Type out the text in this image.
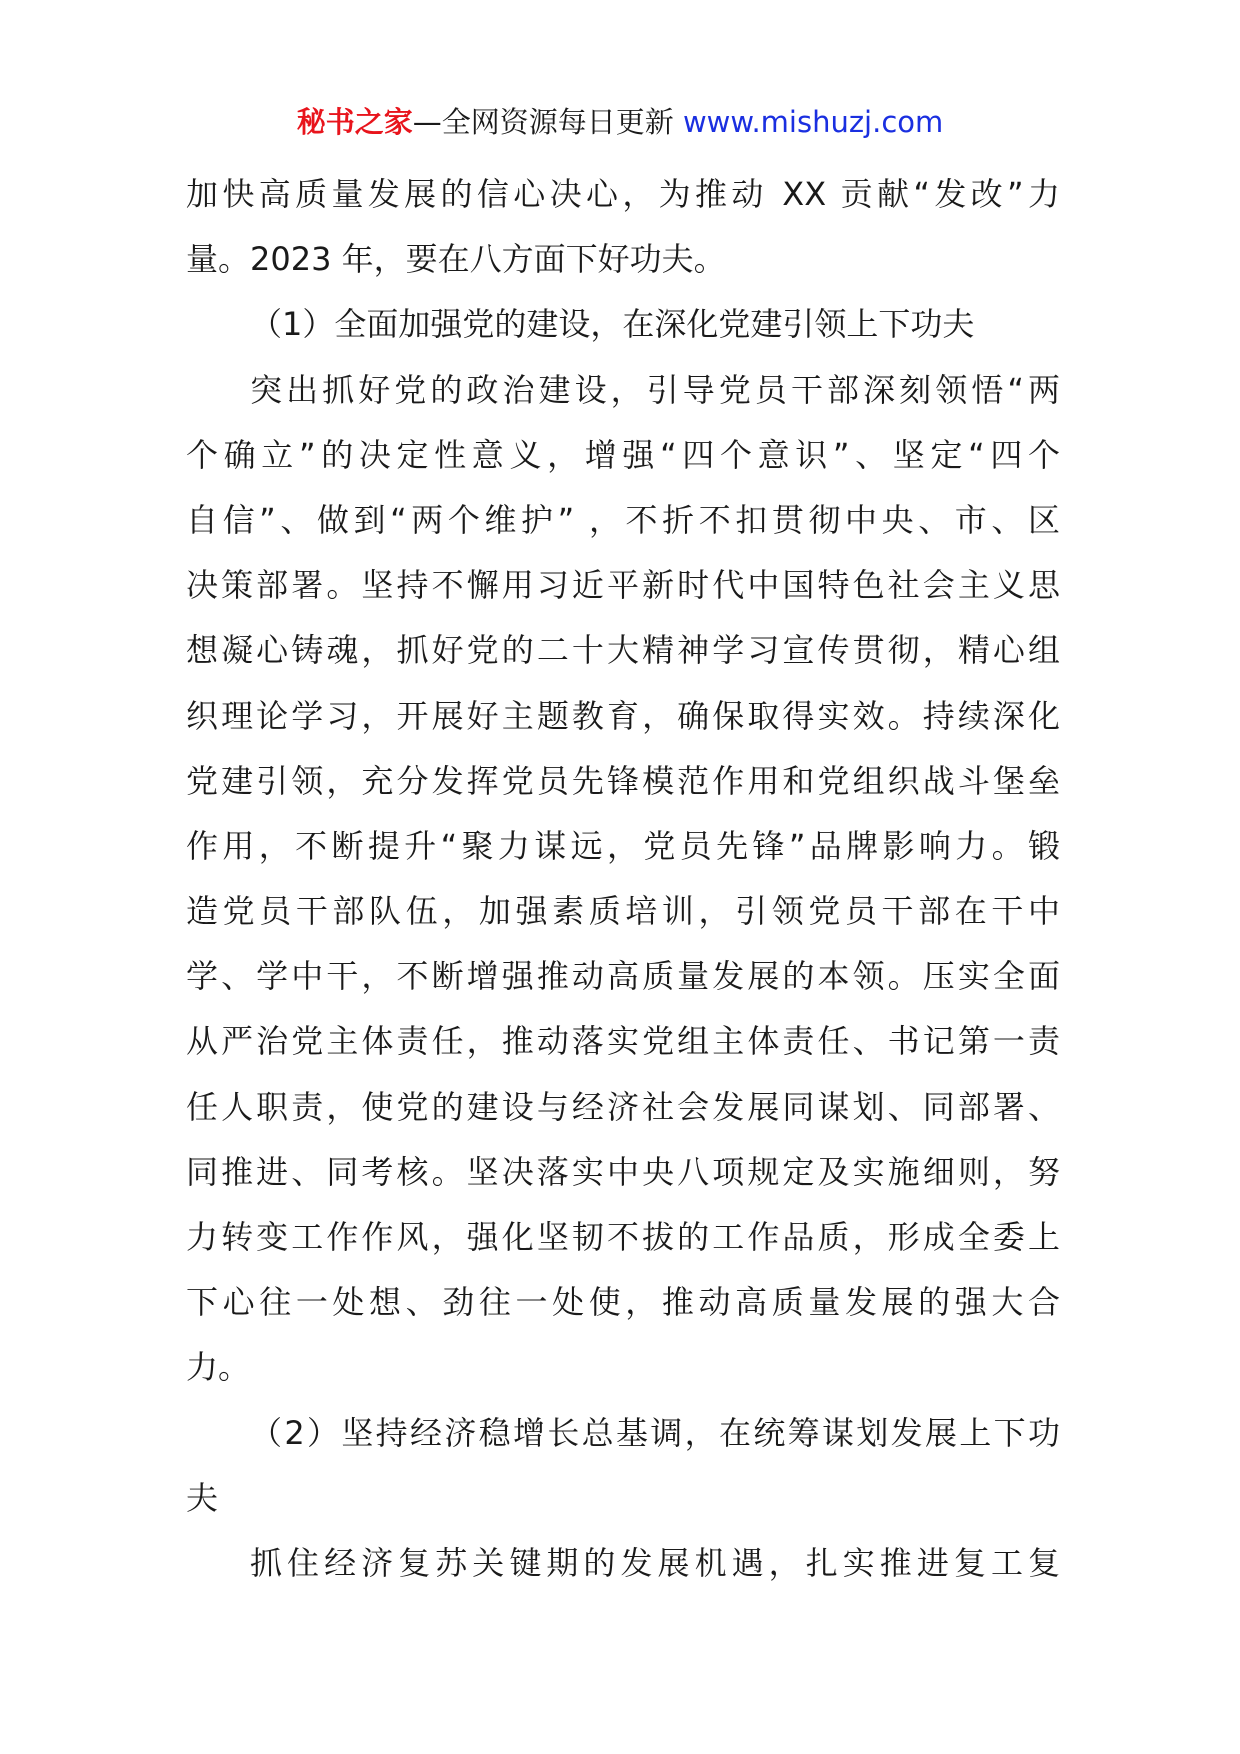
秘书之家—全网资源每日更新 www.mishuzj.com
加快高质量发展的信心决心，为推动 XX 贡献“发改”力
量。2023 年，要在八方面下好功夫。
（1）全面加强党的建设，在深化党建引领上下功夫
突出抓好党的政治建设，引导党员干部深刻领悟“两
个确立”的决定性意义，增强“四个意识”、坚定“四个
自信”、做到“两个维护” ，不折不扣贯彻中央、市、区
决策部署。坚持不懈用习近平新时代中国特色社会主义思
想凝心铸魂，抓好党的二十大精神学习宣传贯彻，精心组
织理论学习，开展好主题教育，确保取得实效。持续深化
党建引领，充分发挥党员先锋模范作用和党组织战斗堡垒
作用，不断提升“聚力谋远，党员先锋”品牌影响力。锻
造党员干部队伍，加强素质培训，引领党员干部在干中
学、学中干，不断增强推动高质量发展的本领。压实全面
从严治党主体责任，推动落实党组主体责任、书记第一责
任人职责，使党的建设与经济社会发展同谋划、同部署、
同推进、同考核。坚决落实中央八项规定及实施细则，努
力转变工作作风，强化坚韧不拔的工作品质，形成全委上
下心往一处想、劲往一处使，推动高质量发展的强大合
力。
（2）坚持经济稳增长总基调，在统筹谋划发展上下功
夫
抓住经济复苏关键期的发展机遇，扎实推进复工复
